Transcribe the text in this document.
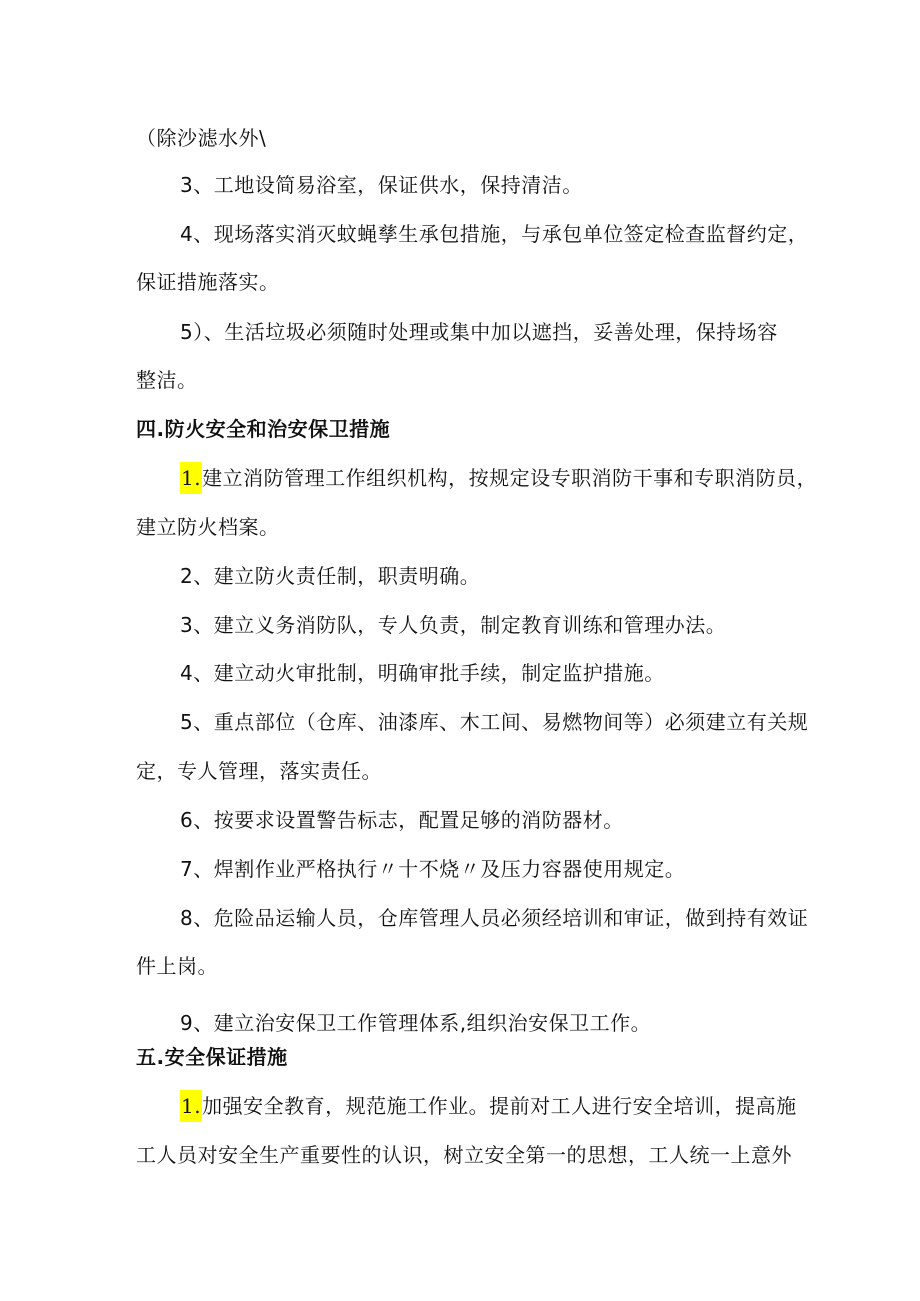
（除沙滤水外\
3、工地设简易浴室，保证供水，保持清洁。
4、现场落实消灭蚊蝇孳生承包措施，与承包单位签定检查监督约定，
保证措施落实。
5）、生活垃圾必须随时处理或集中加以遮挡，妥善处理，保持场容
整洁。
四.防火安全和治安保卫措施
1.建立消防管理工作组织机构，按规定设专职消防干事和专职消防员，
建立防火档案。
2、建立防火责任制，职责明确。
3、建立义务消防队，专人负责，制定教育训练和管理办法。
4、建立动火审批制，明确审批手续，制定监护措施。
5、重点部位（仓库、油漆库、木工间、易燃物间等）必须建立有关规
定，专人管理，落实责任。
6、按要求设置警告标志，配置足够的消防器材。
7、焊割作业严格执行〃十不烧〃及压力容器使用规定。
8、危险品运输人员，仓库管理人员必须经培训和审证，做到持有效证
件上岗。
9、建立治安保卫工作管理体系,组织治安保卫工作。
五.安全保证措施
1.加强安全教育，规范施工作业。提前对工人进行安全培训，提高施
工人员对安全生产重要性的认识，树立安全第一的思想，工人统一上意外
